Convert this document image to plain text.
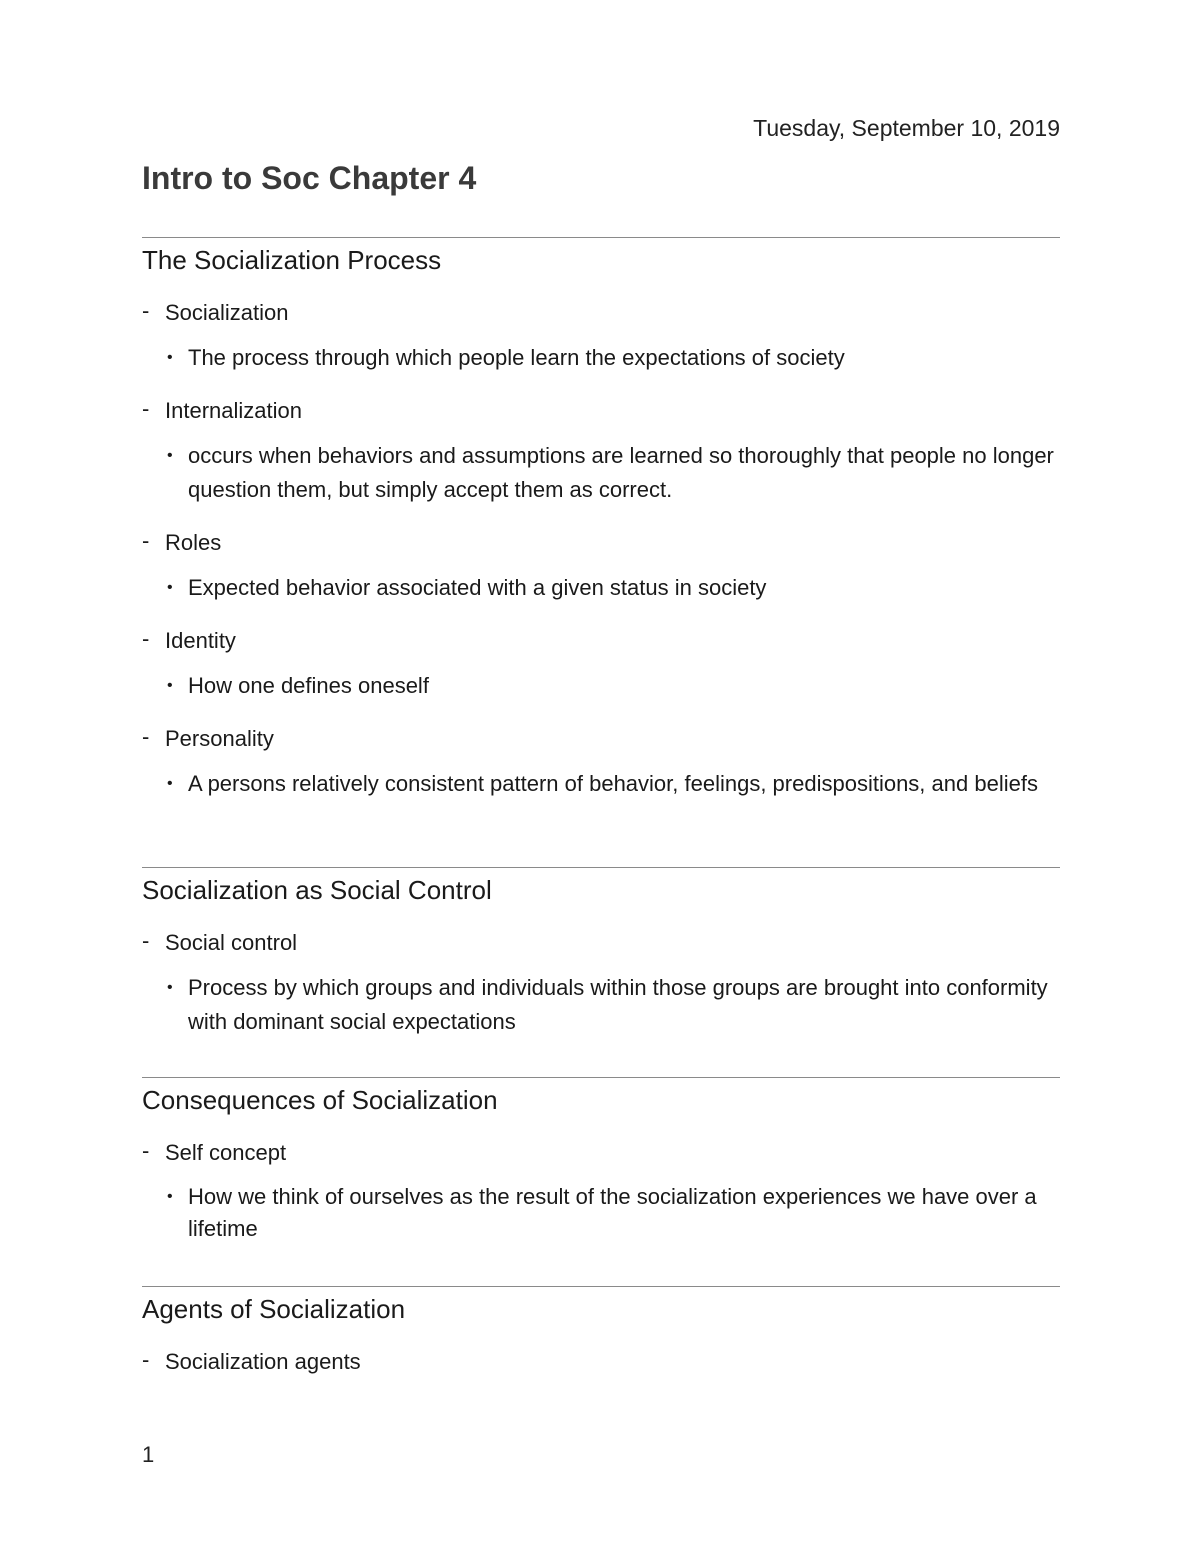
Tuesday, September 10, 2019
Intro to Soc Chapter 4
The Socialization Process
- Socialization
• The process through which people learn the expectations of society
- Internalization
• occurs when behaviors and assumptions are learned so thoroughly that people no longer question them, but simply accept them as correct.
- Roles
• Expected behavior associated with a given status in society
- Identity
• How one defines oneself
- Personality
• A persons relatively consistent pattern of behavior, feelings, predispositions, and beliefs
Socialization as Social Control
- Social control
• Process by which groups and individuals within those groups are brought into conformity with dominant social expectations
Consequences of Socialization
- Self concept
• How we think of ourselves as the result of the socialization experiences we have over a lifetime
Agents of Socialization
- Socialization agents
1
